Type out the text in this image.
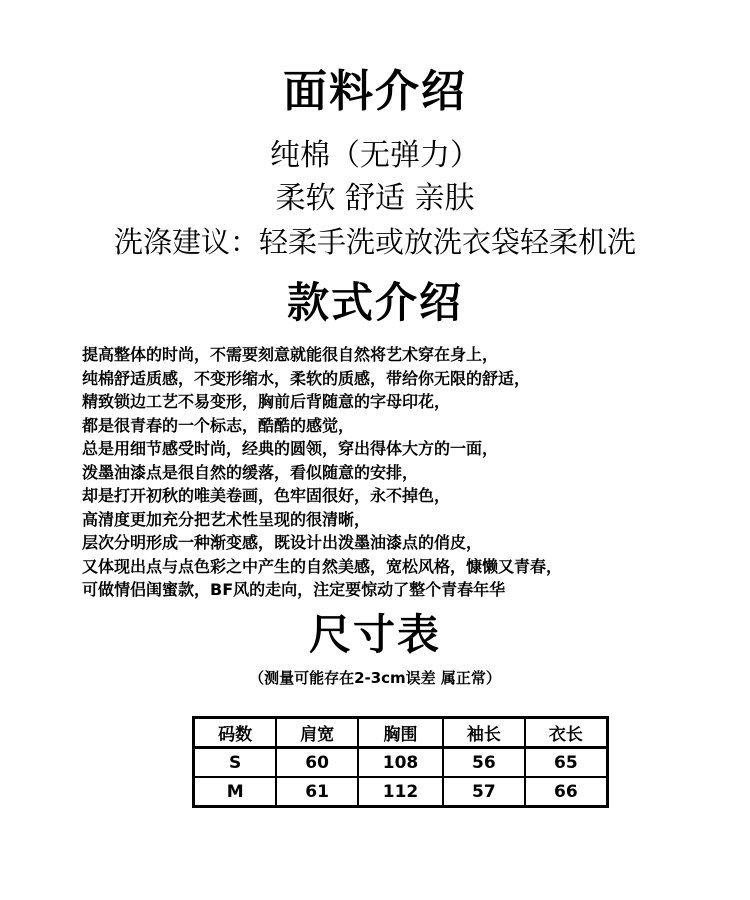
面料介绍
纯棉（无弹力）
柔软 舒适 亲肤
洗涤建议：轻柔手洗或放洗衣袋轻柔机洗
款式介绍
提高整体的时尚，不需要刻意就能很自然将艺术穿在身上，
纯棉舒适质感，不变形缩水，柔软的质感，带给你无限的舒适，
精致锁边工艺不易变形，胸前后背随意的字母印花，
都是很青春的一个标志，酷酷的感觉，
总是用细节感受时尚，经典的圆领，穿出得体大方的一面，
泼墨油漆点是很自然的缓落，看似随意的安排，
却是打开初秋的唯美卷画，色牢固很好，永不掉色，
高清度更加充分把艺术性呈现的很清晰，
层次分明形成一种渐变感，既设计出泼墨油漆点的俏皮，
又体现出点与点色彩之中产生的自然美感，宽松风格，慷懒又青春，
可做情侣闺蜜款，BF风的走向，注定要惊动了整个青春年华
尺寸表
（测量可能存在2-3cm误差 属正常）
码数	肩宽	胸围	袖长	衣长
S	60	108	56	65
M	61	112	57	66
